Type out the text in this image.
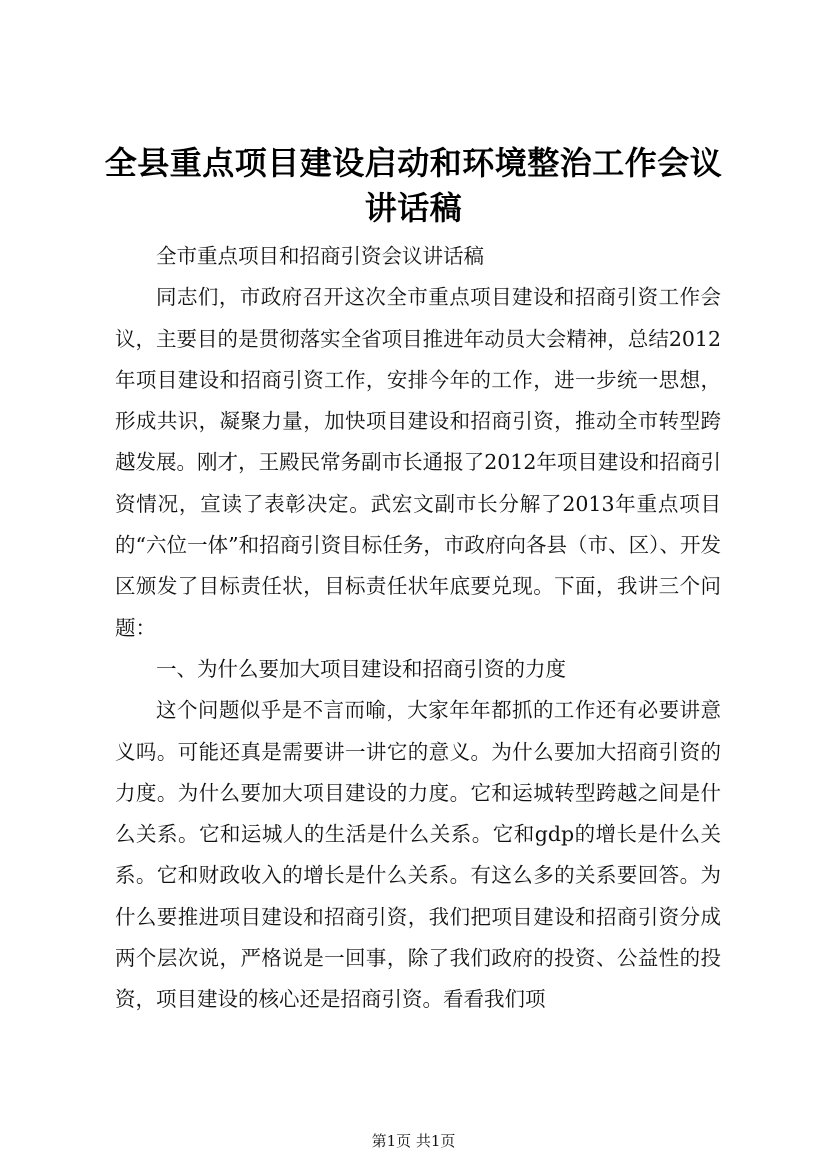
全县重点项目建设启动和环境整治工作会议讲话稿

全市重点项目和招商引资会议讲话稿

同志们，市政府召开这次全市重点项目建设和招商引资工作会议，主要目的是贯彻落实全省项目推进年动员大会精神，总结2012年项目建设和招商引资工作，安排今年的工作，进一步统一思想，形成共识，凝聚力量，加快项目建设和招商引资，推动全市转型跨越发展。刚才，王殿民常务副市长通报了2012年项目建设和招商引资情况，宣读了表彰决定。武宏文副市长分解了2013年重点项目的“六位一体”和招商引资目标任务，市政府向各县（市、区）、开发区颁发了目标责任状，目标责任状年底要兑现。下面，我讲三个问题：

一、为什么要加大项目建设和招商引资的力度

这个问题似乎是不言而喻，大家年年都抓的工作还有必要讲意义吗。可能还真是需要讲一讲它的意义。为什么要加大招商引资的力度。为什么要加大项目建设的力度。它和运城转型跨越之间是什么关系。它和运城人的生活是什么关系。它和gdp的增长是什么关系。它和财政收入的增长是什么关系。有这么多的关系要回答。为什么要推进项目建设和招商引资，我们把项目建设和招商引资分成两个层次说，严格说是一回事，除了我们政府的投资、公益性的投资，项目建设的核心还是招商引资。看看我们项

第1页 共1页
